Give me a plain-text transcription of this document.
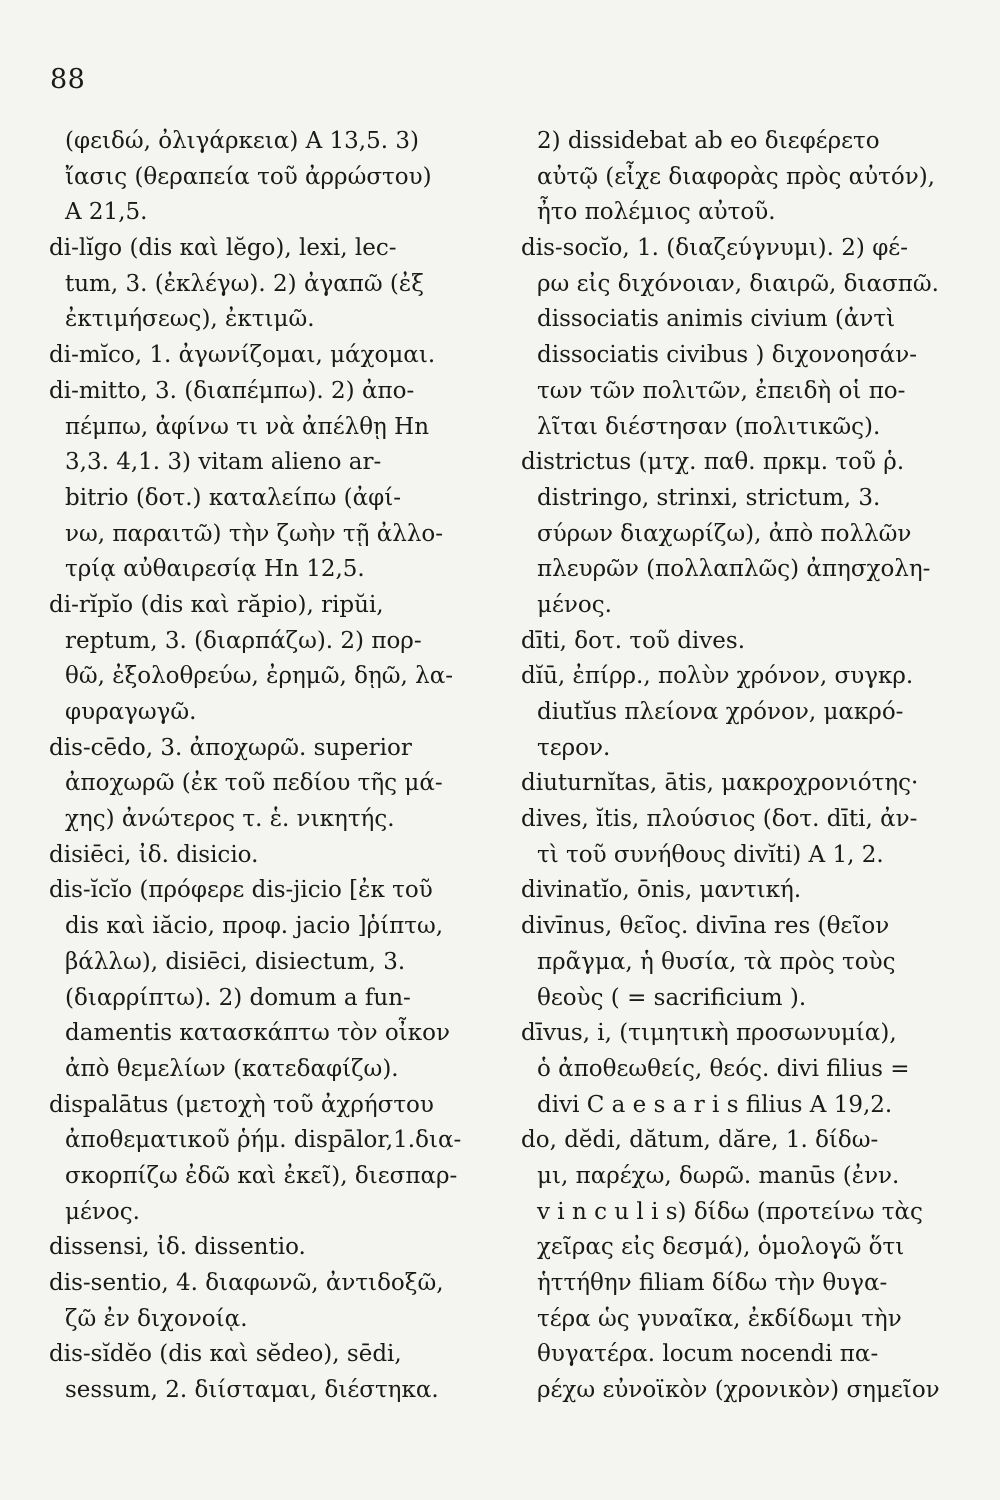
88
(φειδώ, ὀλιγάρκεια) A 13,5. 3)
ἴασις (θεραπεία τοῦ ἀρρώστου)
A 21,5.
di-lĭgo (dis καὶ lĕgo), lexi, lec-
tum, 3. (ἐκλέγω). 2) ἀγαπῶ (ἐξ
ἐκτιμήσεως), ἐκτιμῶ.
di-mĭco, 1. ἀγωνίζομαι, μάχομαι.
di-mitto, 3. (διαπέμπω). 2) ἀπο-
πέμπω, ἀφίνω τι νὰ ἀπέλθῃ Hn
3,3. 4,1. 3) vitam alieno ar-
bitrio (δοτ.) καταλείπω (ἀφί-
νω, παραιτῶ) τὴν ζωὴν τῇ ἀλλο-
τρίᾳ αὐθαιρεσίᾳ Hn 12,5.
di-rĭpĭo (dis καὶ răpio), ripŭi,
reptum, 3. (διαρπάζω). 2) πορ-
θῶ, ἐξολοθρεύω, ἐρημῶ, δῃῶ, λα-
φυραγωγῶ.
dis-cēdo, 3. ἀποχωρῶ. superior
ἀποχωρῶ (ἐκ τοῦ πεδίου τῆς μά-
χης) ἀνώτερος τ. ἑ. νικητής.
disiēci, ἰδ. disicio.
dis-ĭcĭo (πρόφερε dis-jicio [ἐκ τοῦ
dis καὶ iăcio, προφ. jacio ]ῥίπτω,
βάλλω), disiēci, disiectum, 3.
(διαρρίπτω). 2) domum a fun-
damentis κατασκάπτω τὸν οἶκον
ἀπὸ θεμελίων (κατεδαφίζω).
dispalātus (μετοχὴ τοῦ ἀχρήστου
ἀποθεματικοῦ ῥήμ. dispālor,1.δια-
σκορπίζω ἐδῶ καὶ ἐκεῖ), διεσπαρ-
μένος.
dissensi, ἰδ. dissentio.
dis-sentio, 4. διαφωνῶ, ἀντιδοξῶ,
ζῶ ἐν διχονοίᾳ.
dis-sĭdĕo (dis καὶ sĕdeo), sēdi,
sessum, 2. διίσταμαι, διέστηκα.
2) dissidebat ab eo διεφέρετο
αὐτῷ (εἶχε διαφορὰς πρὸς αὐτόν),
ἦτο πολέμιος αὐτοῦ.
dis-socĭo, 1. (διαζεύγνυμι). 2) φέ-
ρω εἰς διχόνοιαν, διαιρῶ, διασπῶ.
dissociatis animis civium (ἀντὶ
dissociatis civibus ) διχονοησάν-
των τῶν πολιτῶν, ἐπειδὴ οἱ πο-
λῖται διέστησαν (πολιτικῶς).
districtus (μτχ. παθ. πρκμ. τοῦ ῥ.
distringo, strinxi, strictum, 3.
σύρων διαχωρίζω), ἀπὸ πολλῶν
πλευρῶν (πολλαπλῶς) ἀπησχολη-
μένος.
dīti, δοτ. τοῦ dives.
dĭū, ἐπίρρ., πολὺν χρόνον, συγκρ.
diutĭus πλείονα χρόνον, μακρό-
τερον.
diuturnĭtas, ātis, μακροχρονιότης·
dives, ĭtis, πλούσιος (δοτ. dīti, ἀν-
τὶ τοῦ συνήθους divĭti) A 1, 2.
divinatĭo, ōnis, μαντική.
divīnus, θεῖος. divīna res (θεῖον
πρᾶγμα, ἡ θυσία, τὰ πρὸς τοὺς
θεοὺς ( = sacrificium ).
dīvus, i, (τιμητικὴ προσωνυμία),
ὁ ἀποθεωθείς, θεός. divi filius =
divi C a e s a r i s filius A 19,2.
do, dĕdi, dătum, dăre, 1. δίδω-
μι, παρέχω, δωρῶ. manūs (ἐνν.
v i n c u l i s) δίδω (προτείνω τὰς
χεῖρας εἰς δεσμά), ὁμολογῶ ὅτι
ἡττήθην filiam δίδω τὴν θυγα-
τέρα ὡς γυναῖκα, ἐκδίδωμι τὴν
θυγατέρα. locum nocendi πα-
ρέχω εὐνοϊκὸν (χρονικὸν) σημεῖον
